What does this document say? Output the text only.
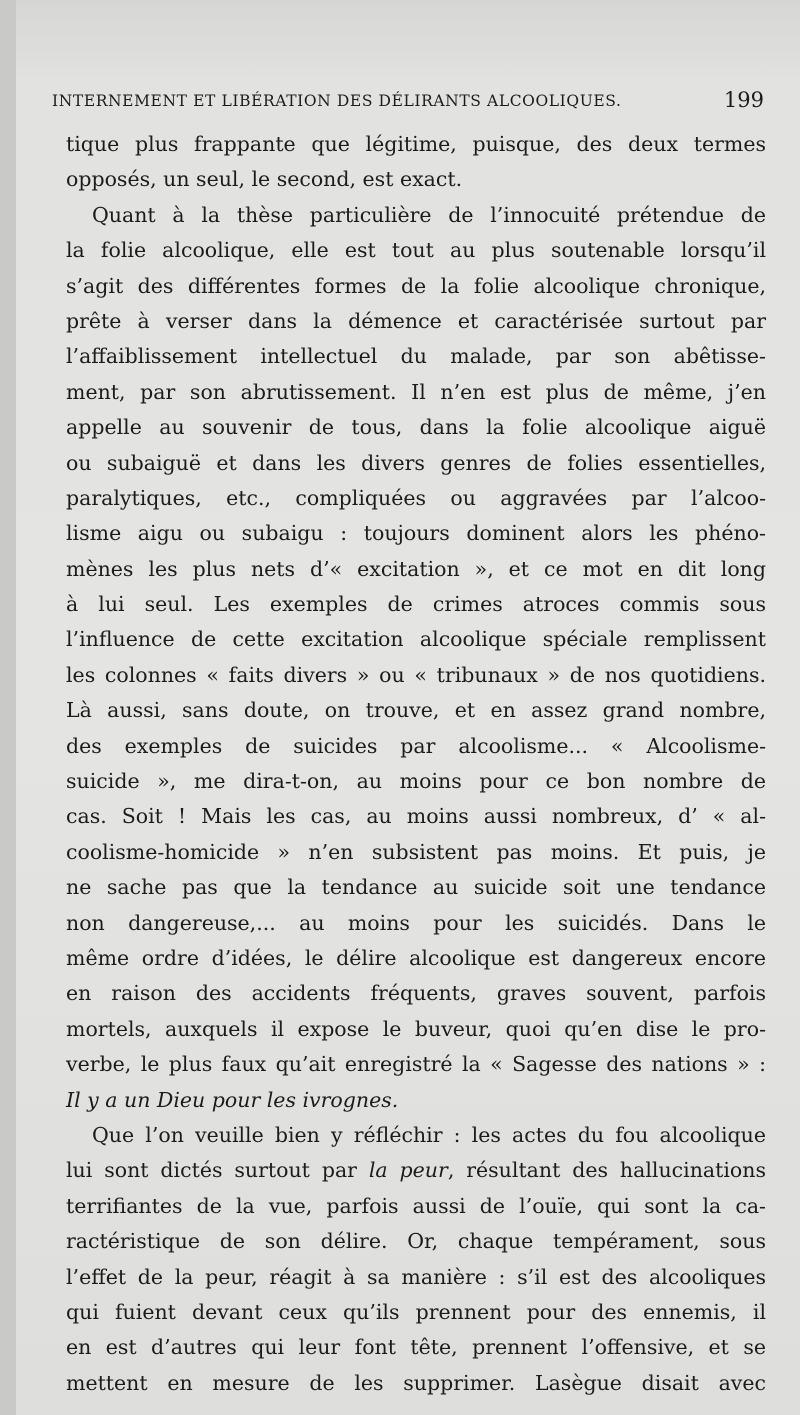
INTERNEMENT ET LIBÉRATION DES DÉLIRANTS ALCOOLIQUES.	199
tique plus frappante que légitime, puisque, des deux termes
opposés, un seul, le second, est exact.
Quant à la thèse particulière de l’innocuité prétendue de
la folie alcoolique, elle est tout au plus soutenable lorsqu’il
s’agit des différentes formes de la folie alcoolique chronique,
prête à verser dans la démence et caractérisée surtout par
l’affaiblissement intellectuel du malade, par son abêtisse-
ment, par son abrutissement. Il n’en est plus de même, j’en
appelle au souvenir de tous, dans la folie alcoolique aiguë
ou subaiguë et dans les divers genres de folies essentielles,
paralytiques, etc., compliquées ou aggravées par l’alcoo-
lisme aigu ou subaigu : toujours dominent alors les phéno-
mènes les plus nets d’« excitation », et ce mot en dit long
à lui seul. Les exemples de crimes atroces commis sous
l’influence de cette excitation alcoolique spéciale remplissent
les colonnes « faits divers » ou « tribunaux » de nos quotidiens.
Là aussi, sans doute, on trouve, et en assez grand nombre,
des exemples de suicides par alcoolisme... « Alcoolisme-
suicide », me dira-t-on, au moins pour ce bon nombre de
cas. Soit ! Mais les cas, au moins aussi nombreux, d’ « al-
coolisme-homicide » n’en subsistent pas moins. Et puis, je
ne sache pas que la tendance au suicide soit une tendance
non dangereuse,... au moins pour les suicidés. Dans le
même ordre d’idées, le délire alcoolique est dangereux encore
en raison des accidents fréquents, graves souvent, parfois
mortels, auxquels il expose le buveur, quoi qu’en dise le pro-
verbe, le plus faux qu’ait enregistré la « Sagesse des nations » :
Il y a un Dieu pour les ivrognes.
Que l’on veuille bien y réfléchir : les actes du fou alcoolique
lui sont dictés surtout par la peur, résultant des hallucinations
terrifiantes de la vue, parfois aussi de l’ouïe, qui sont la ca-
ractéristique de son délire. Or, chaque tempérament, sous
l’effet de la peur, réagit à sa manière : s’il est des alcooliques
qui fuient devant ceux qu’ils prennent pour des ennemis, il
en est d’autres qui leur font tête, prennent l’offensive, et se
mettent en mesure de les supprimer. Lasègue disait avec
